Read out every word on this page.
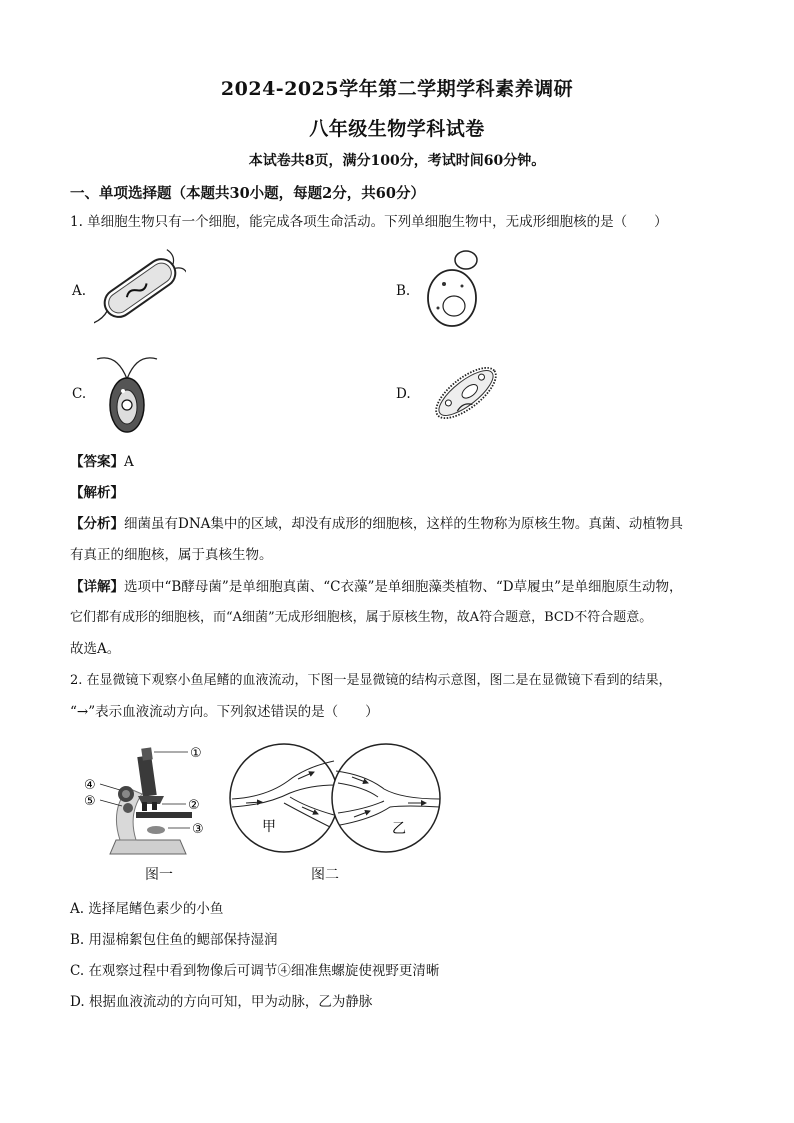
2024-2025学年第二学期学科素养调研
八年级生物学科试卷
本试卷共8页，满分100分，考试时间60分钟。
一、单项选择题（本题共30小题，每题2分，共60分）
1. 单细胞生物只有一个细胞，能完成各项生命活动。下列单细胞生物中，无成形细胞核的是（　　）
A.	B.
C.	D.
【答案】A
【解析】
【分析】细菌虽有DNA集中的区域，却没有成形的细胞核，这样的生物称为原核生物。真菌、动植物具
有真正的细胞核，属于真核生物。
【详解】选项中“B酵母菌”是单细胞真菌、“C衣藻”是单细胞藻类植物、“D草履虫”是单细胞原生动物，
它们都有成形的细胞核，而“A细菌”无成形细胞核，属于原核生物，故A符合题意，BCD不符合题意。
故选A。
2. 在显微镜下观察小鱼尾鳍的血液流动，下图一是显微镜的结构示意图，图二是在显微镜下看到的结果，
“→”表示血液流动方向。下列叙述错误的是（　　）
①
②
③
④
⑤
图一
甲	乙
图二
A. 选择尾鳍色素少的小鱼
B. 用湿棉絮包住鱼的鳃部保持湿润
C. 在观察过程中看到物像后可调节④细准焦螺旋使视野更清晰
D. 根据血液流动的方向可知，甲为动脉，乙为静脉
